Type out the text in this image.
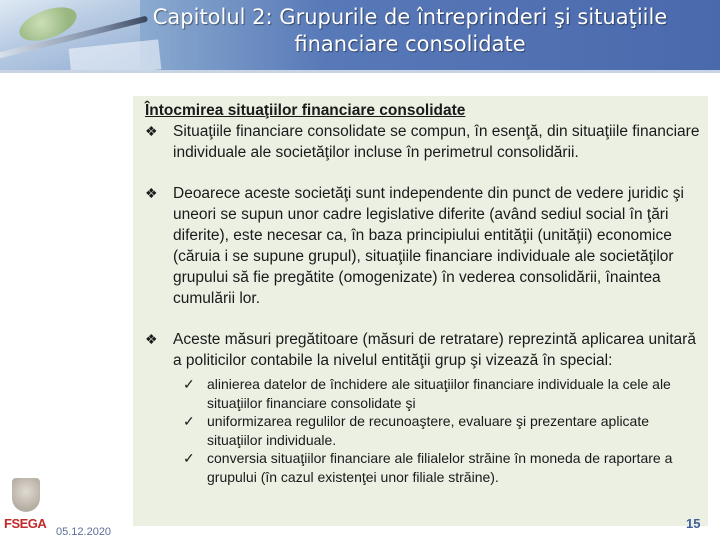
Capitolul 2: Grupurile de întreprinderi şi situaţiile
financiare consolidate

Întocmirea situaţiilor financiare consolidate

❖ Situaţiile financiare consolidate se compun, în esenţă, din situaţiile financiare individuale ale societăţilor incluse în perimetrul consolidării.

❖ Deoarece aceste societăţi sunt independente din punct de vedere juridic şi uneori se supun unor cadre legislative diferite (având sediul social în ţări diferite), este necesar ca, în baza principiului entităţii (unităţii) economice (căruia i se supune grupul), situaţiile financiare individuale ale societăţilor grupului să fie pregătite (omogenizate) în vederea consolidării, înaintea cumulării lor.

❖ Aceste măsuri pregătitoare (măsuri de retratare) reprezintă aplicarea unitară a politicilor contabile la nivelul entităţii grup şi vizează în special:

✓ alinierea datelor de închidere ale situaţiilor financiare individuale la cele ale situaţiilor financiare consolidate şi

✓ uniformizarea regulilor de recunoaştere, evaluare şi prezentare aplicate situaţiilor individuale.

✓ conversia situaţiilor financiare ale filialelor străine în moneda de raportare a grupului (în cazul existenţei unor filiale străine).

FSEGA
05.12.2020
15
